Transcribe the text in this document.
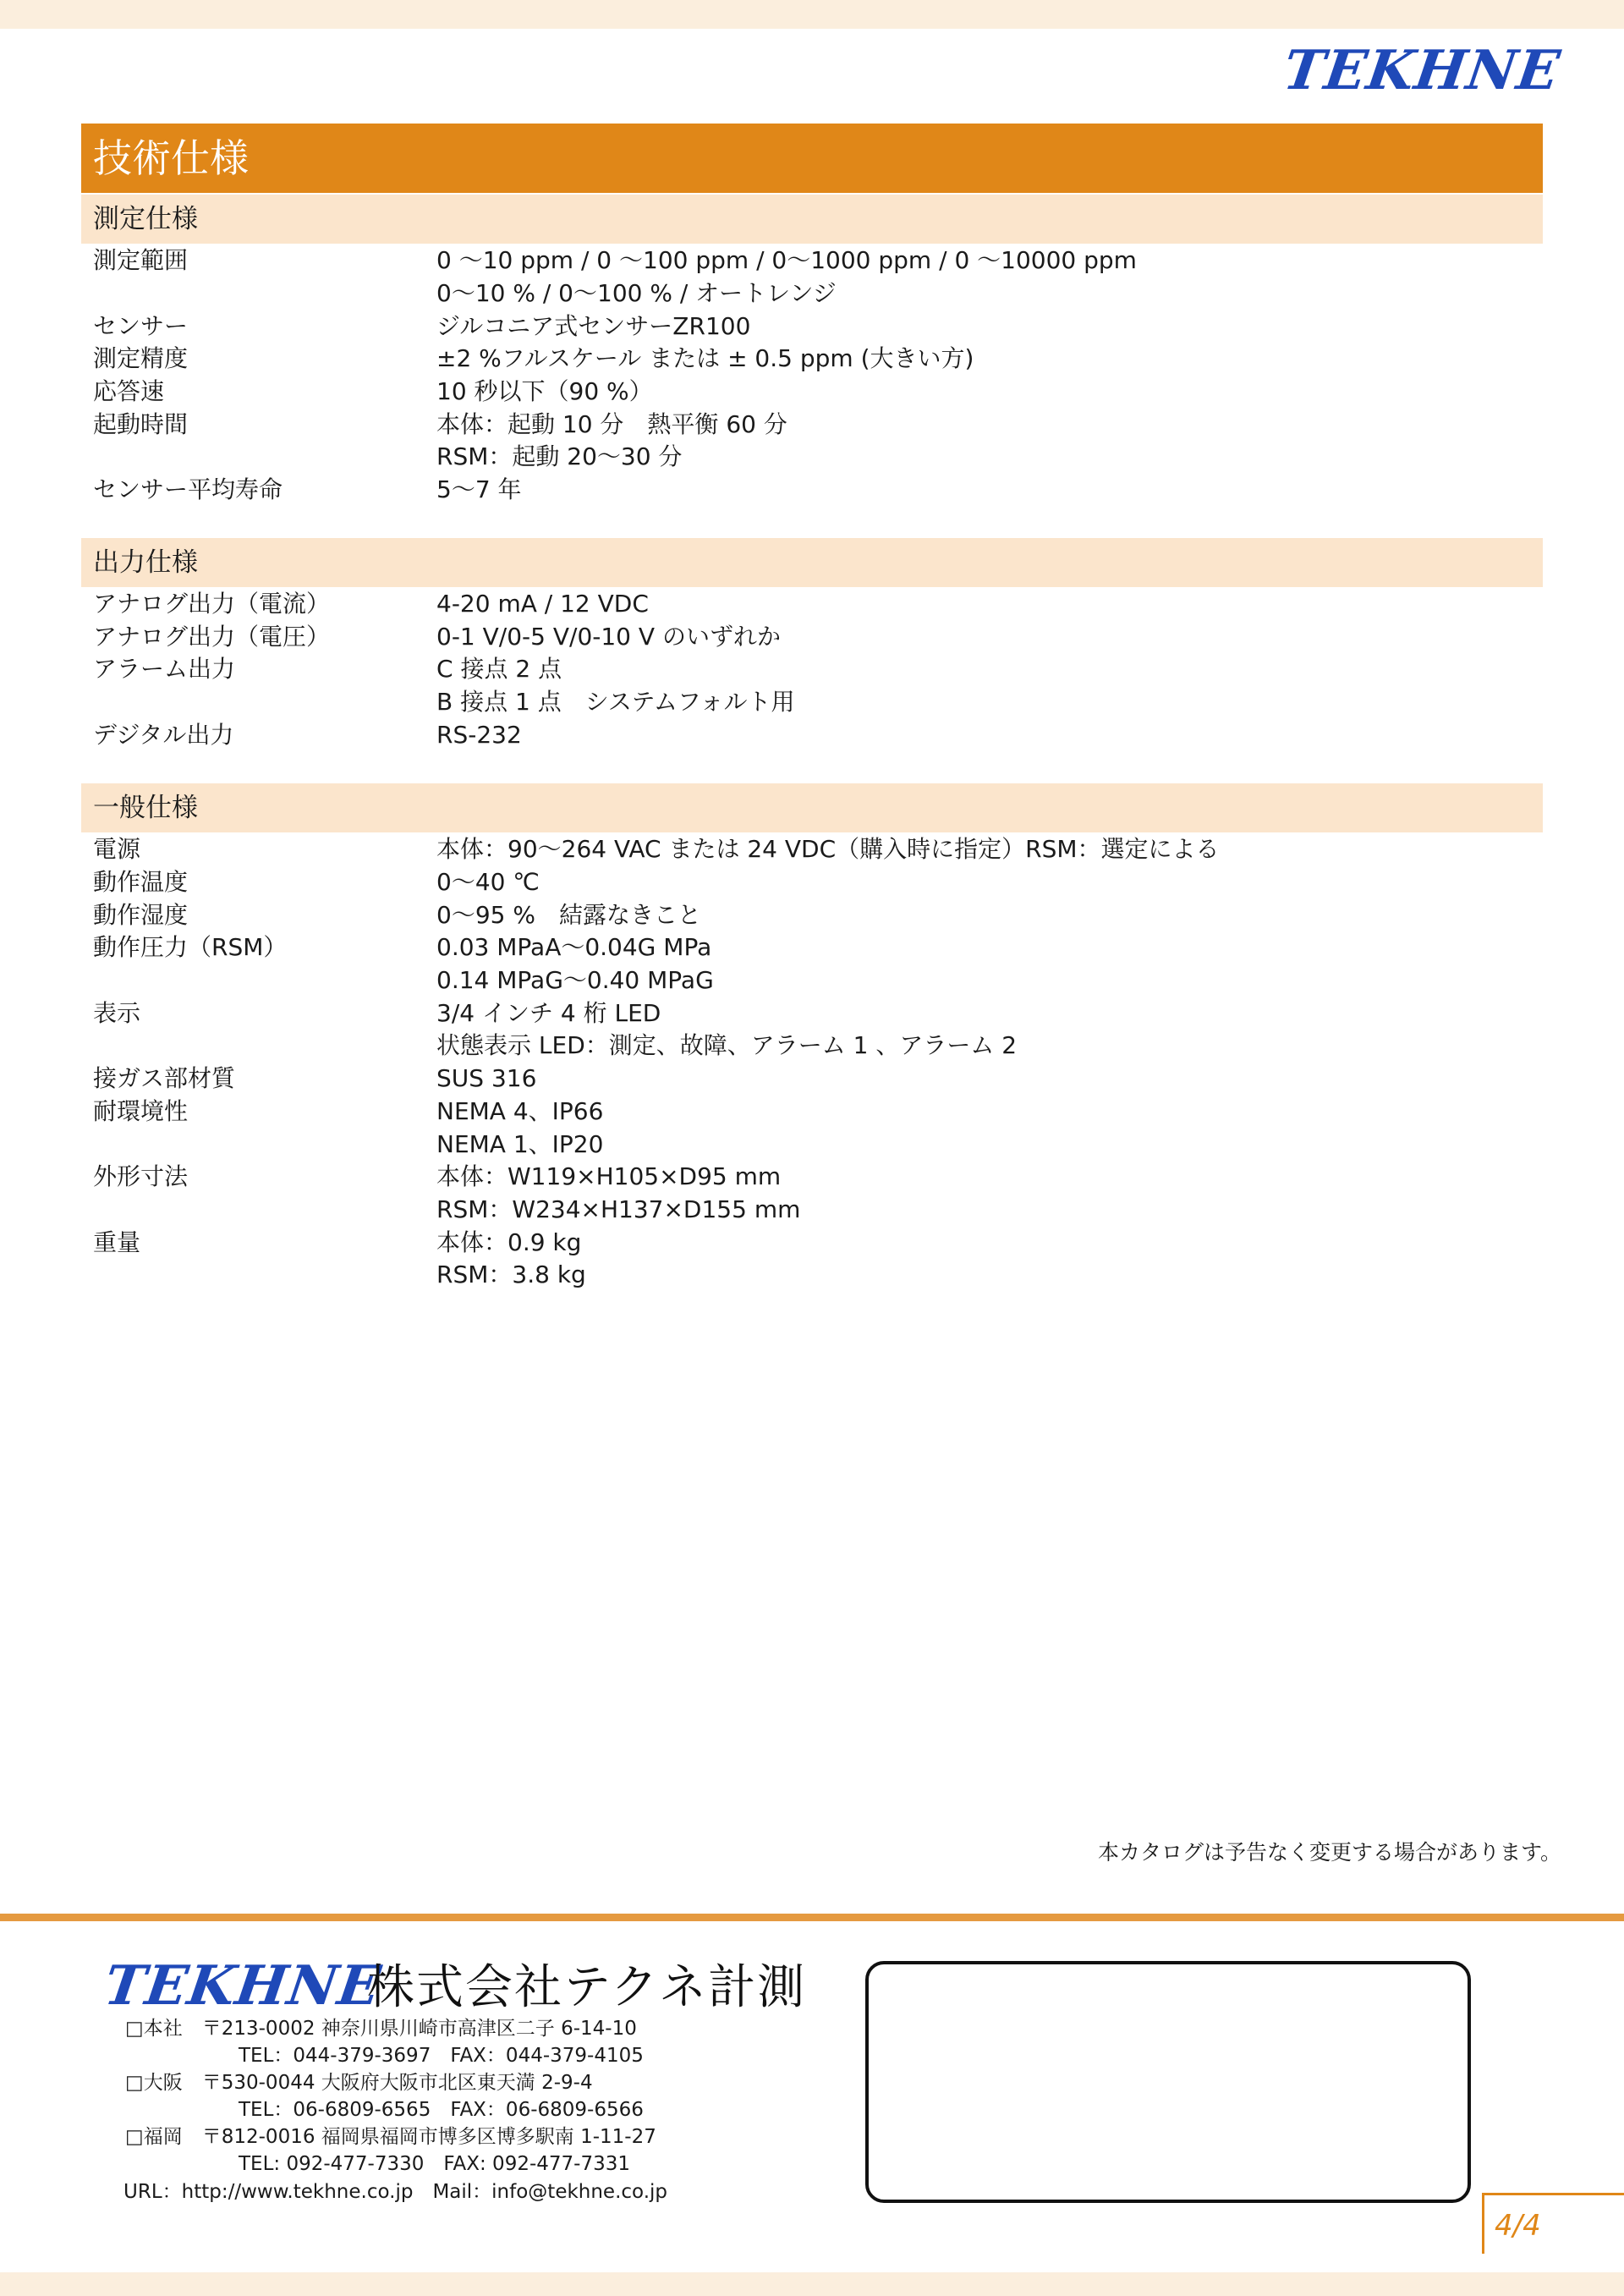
TEKHNE
技術仕様
測定仕様
測定範囲	0 ～10 ppm / 0 ～100 ppm / 0～1000 ppm / 0 ～10000 ppm
0～10 % / 0～100 % / オートレンジ
センサー	ジルコニア式センサーZR100
測定精度	±2 %フルスケール または ± 0.5 ppm (大きい方)
応答速	10 秒以下（90 %）
起動時間	本体：起動 10 分　熱平衡 60 分
RSM：起動 20～30 分
センサー平均寿命	5～7 年
出力仕様
アナログ出力（電流）	4-20 mA / 12 VDC
アナログ出力（電圧）	0-1 V/0-5 V/0-10 V のいずれか
アラーム出力	C 接点 2 点
B 接点 1 点　システムフォルト用
デジタル出力	RS-232
一般仕様
電源	本体：90～264 VAC または 24 VDC（購入時に指定）RSM：選定による
動作温度	0～40 ℃
動作湿度	0～95 %　結露なきこと
動作圧力（RSM）	0.03 MPaA～0.04G MPa
0.14 MPaG～0.40 MPaG
表示	3/4 インチ 4 桁 LED
状態表示 LED：測定、故障、アラーム 1 、アラーム 2
接ガス部材質	SUS 316
耐環境性	NEMA 4、IP66
NEMA 1、IP20
外形寸法	本体：W119×H105×D95 mm
RSM：W234×H137×D155 mm
重量	本体：0.9 kg
RSM：3.8 kg
本カタログは予告なく変更する場合があります。
TEKHNE
株式会社テクネ計測
□本社　〒213-0002 神奈川県川崎市高津区二子 6-14-10
TEL：044-379-3697　FAX：044-379-4105
□大阪　〒530-0044 大阪府大阪市北区東天満 2-9-4
TEL：06-6809-6565　FAX：06-6809-6566
□福岡　〒812-0016 福岡県福岡市博多区博多駅南 1-11-27
TEL: 092-477-7330　FAX: 092-477-7331
URL：http://www.tekhne.co.jp　Mail：info@tekhne.co.jp
4/4
